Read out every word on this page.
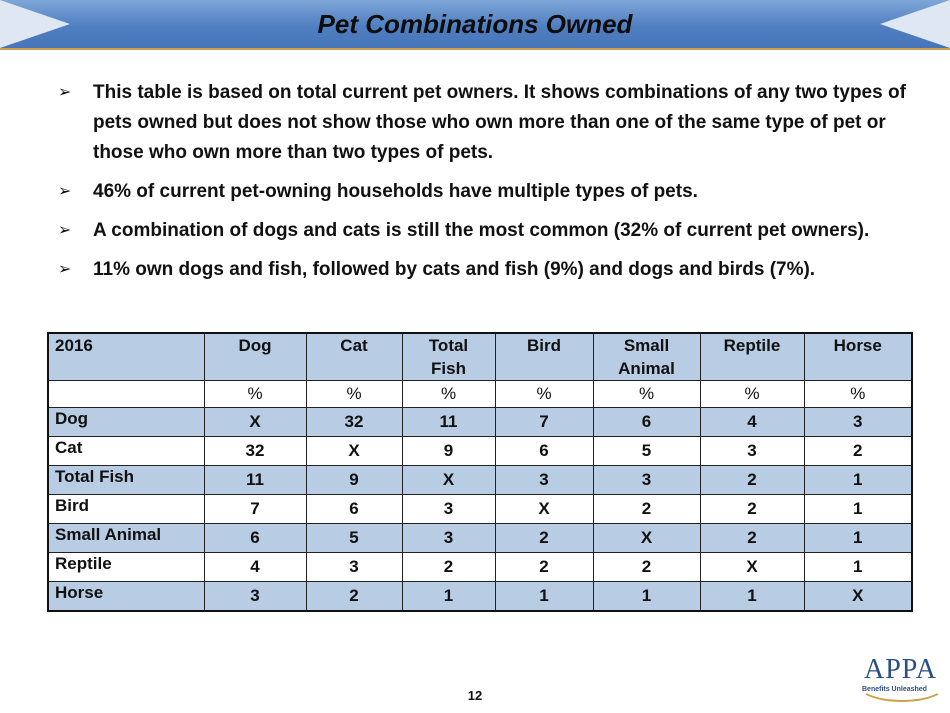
Pet Combinations Owned
➢ This table is based on total current pet owners. It shows combinations of any two types of pets owned but does not show those who own more than one of the same type of pet or those who own more than two types of pets.
➢ 46% of current pet-owning households have multiple types of pets.
➢ A combination of dogs and cats is still the most common (32% of current pet owners).
➢ 11% own dogs and fish, followed by cats and fish (9%) and dogs and birds (7%).
2016	Dog	Cat	Total Fish	Bird	Small Animal	Reptile	Horse
	%	%	%	%	%	%	%
Dog	X	32	11	7	6	4	3
Cat	32	X	9	6	5	3	2
Total Fish	11	9	X	3	3	2	1
Bird	7	6	3	X	2	2	1
Small Animal	6	5	3	2	X	2	1
Reptile	4	3	2	2	2	X	1
Horse	3	2	1	1	1	1	X
12
APPA
Benefits Unleashed
